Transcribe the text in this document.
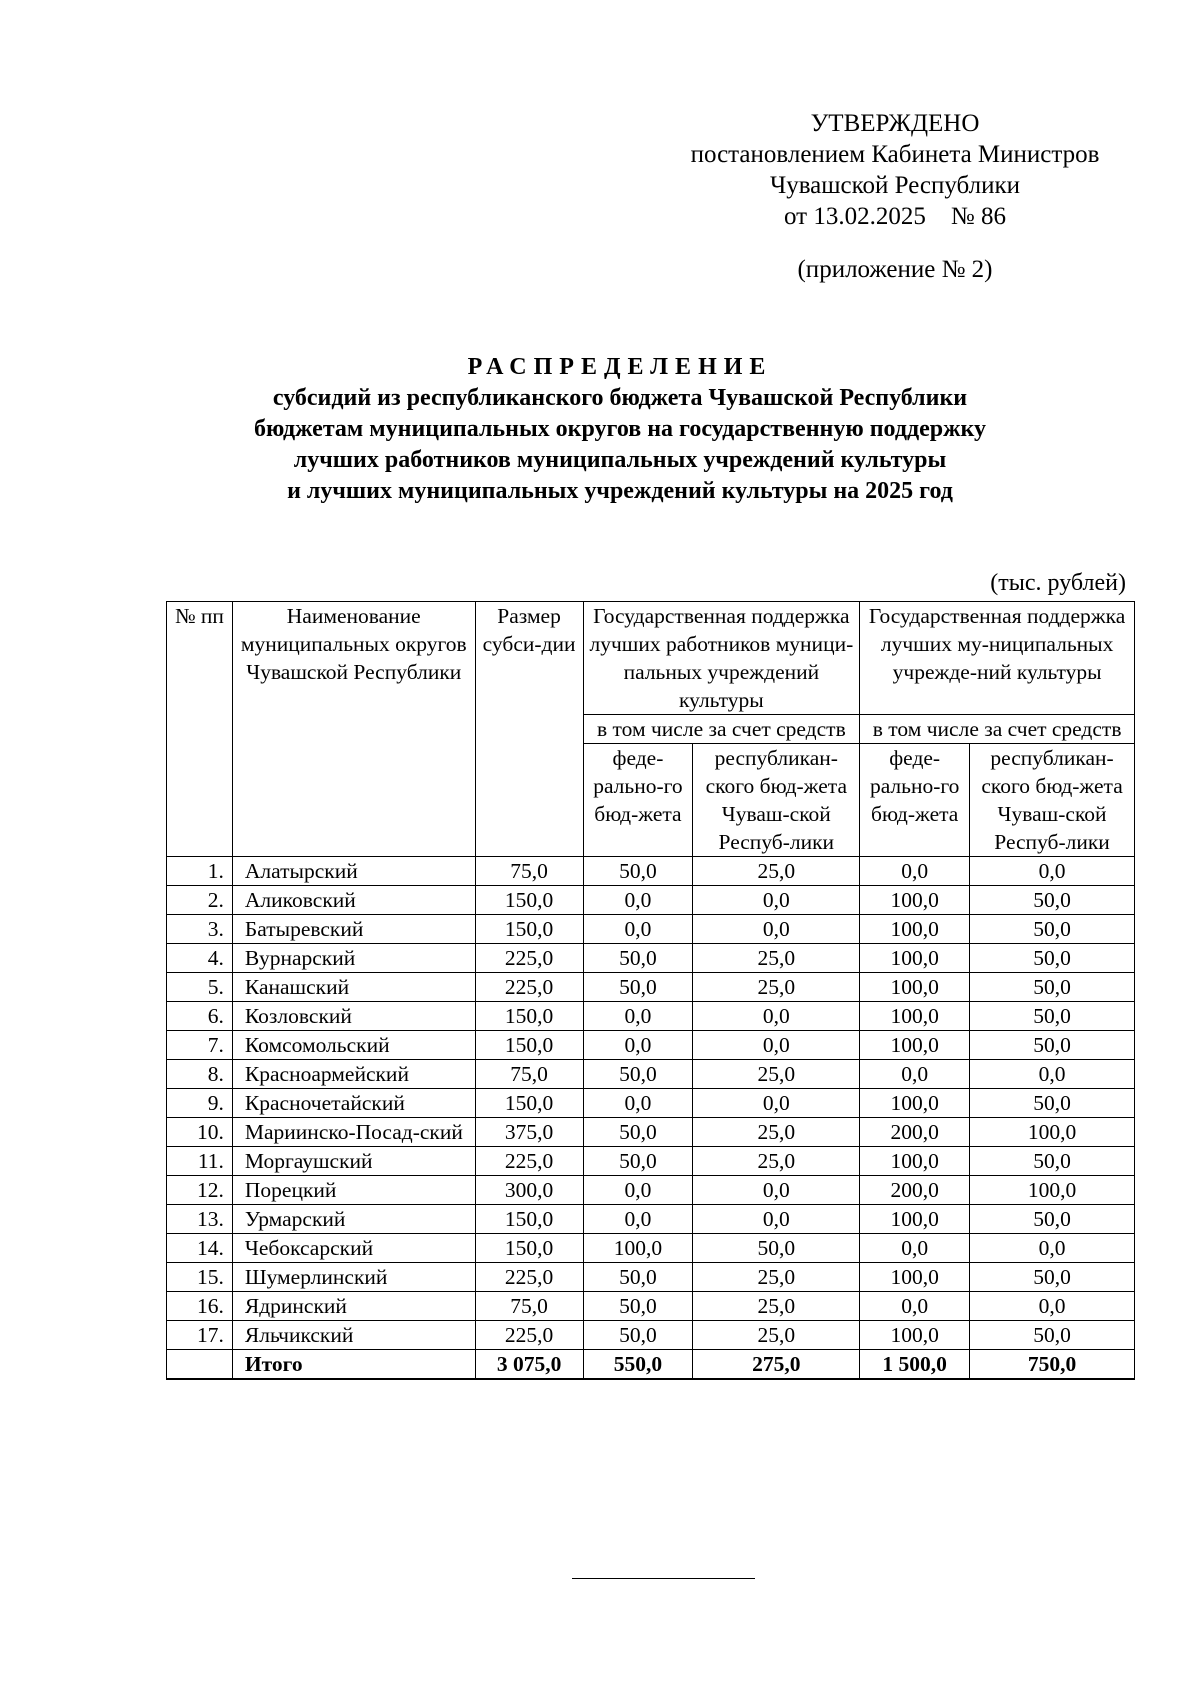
УТВЕРЖДЕНО
постановлением Кабинета Министров
Чувашской Республики
от 13.02.2025    № 86
(приложение № 2)
РАСПРЕДЕЛЕНИЕ
субсидий из республиканского бюджета Чувашской Республики
бюджетам муниципальных округов на государственную поддержку
лучших работников муниципальных учреждений культуры
и лучших муниципальных учреждений культуры на 2025 год
(тыс. рублей)
№ пп	Наименование муниципальных округов Чувашской Республики	Размер субси-дии	Государственная поддержка лучших работников муници-пальных учреждений культуры		Государственная поддержка лучших му-ниципальных учрежде-ний культуры	
			в том числе за счет средств		в том числе за счет средств	
			феде-рально-го бюд-жета	республикан-ского бюд-жета Чуваш-ской Респуб-лики	феде-рально-го бюд-жета	республикан-ского бюд-жета Чуваш-ской Респуб-лики
1.	Алатырский	75,0	50,0	25,0	0,0	0,0
2.	Аликовский	150,0	0,0	0,0	100,0	50,0
3.	Батыревский	150,0	0,0	0,0	100,0	50,0
4.	Вурнарский	225,0	50,0	25,0	100,0	50,0
5.	Канашский	225,0	50,0	25,0	100,0	50,0
6.	Козловский	150,0	0,0	0,0	100,0	50,0
7.	Комсомольский	150,0	0,0	0,0	100,0	50,0
8.	Красноармейский	75,0	50,0	25,0	0,0	0,0
9.	Красночетайский	150,0	0,0	0,0	100,0	50,0
10.	Мариинско-Посад-ский	375,0	50,0	25,0	200,0	100,0
11.	Моргаушский	225,0	50,0	25,0	100,0	50,0
12.	Порецкий	300,0	0,0	0,0	200,0	100,0
13.	Урмарский	150,0	0,0	0,0	100,0	50,0
14.	Чебоксарский	150,0	100,0	50,0	0,0	0,0
15.	Шумерлинский	225,0	50,0	25,0	100,0	50,0
16.	Ядринский	75,0	50,0	25,0	0,0	0,0
17.	Яльчикский	225,0	50,0	25,0	100,0	50,0
	Итого	3 075,0	550,0	275,0	1 500,0	750,0
